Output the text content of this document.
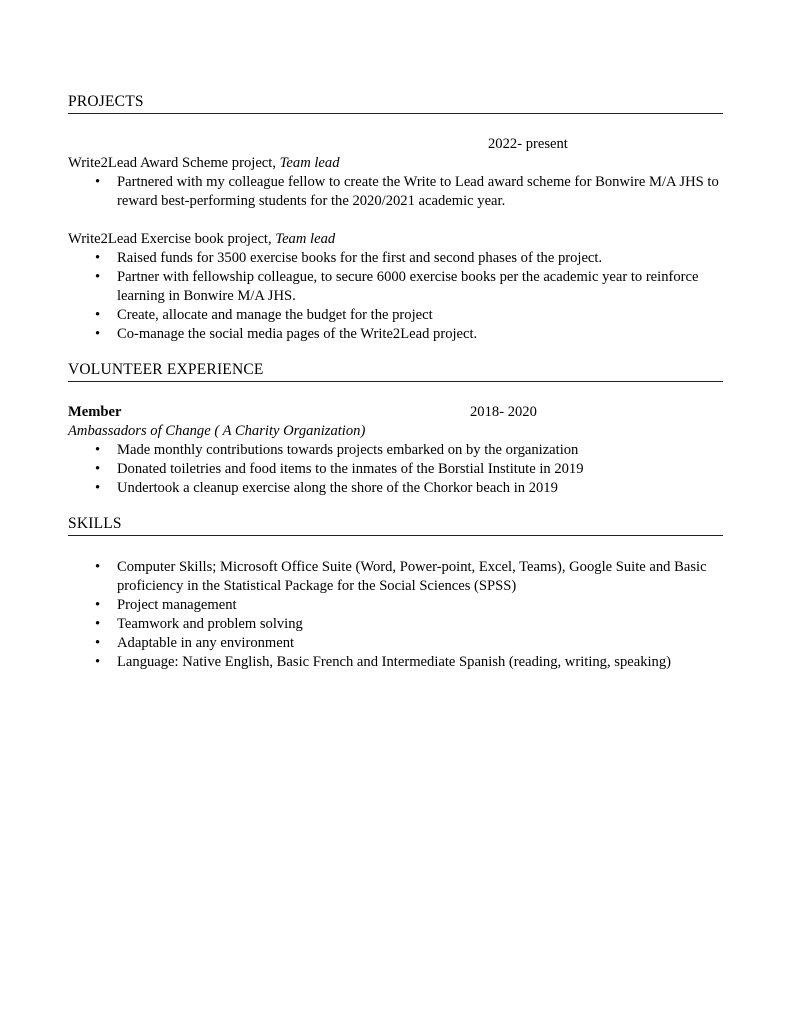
PROJECTS
2022- present
Write2Lead Award Scheme project, Team lead
•	Partnered with my colleague fellow to create the Write to Lead award scheme for Bonwire M/A JHS to reward best-performing students for the 2020/2021 academic year.
Write2Lead Exercise book project, Team lead
•	Raised funds for 3500 exercise books for the first and second phases of the project.
•	Partner with fellowship colleague, to secure 6000 exercise books per the academic year to reinforce learning in Bonwire M/A JHS.
•	Create, allocate and manage the budget for the project
•	Co-manage the social media pages of the Write2Lead project.
VOLUNTEER EXPERIENCE
Member	2018- 2020
Ambassadors of Change ( A Charity Organization)
•	Made monthly contributions towards projects embarked on by the organization
•	Donated toiletries and food items to the inmates of the Borstial Institute in 2019
•	Undertook a cleanup exercise along the shore of the Chorkor beach in 2019
SKILLS
•	Computer Skills; Microsoft Office Suite (Word, Power-point, Excel, Teams), Google Suite and Basic proficiency in the Statistical Package for the Social Sciences (SPSS)
•	Project management
•	Teamwork and problem solving
•	Adaptable in any environment
•	Language: Native English, Basic French and Intermediate Spanish (reading, writing, speaking)
